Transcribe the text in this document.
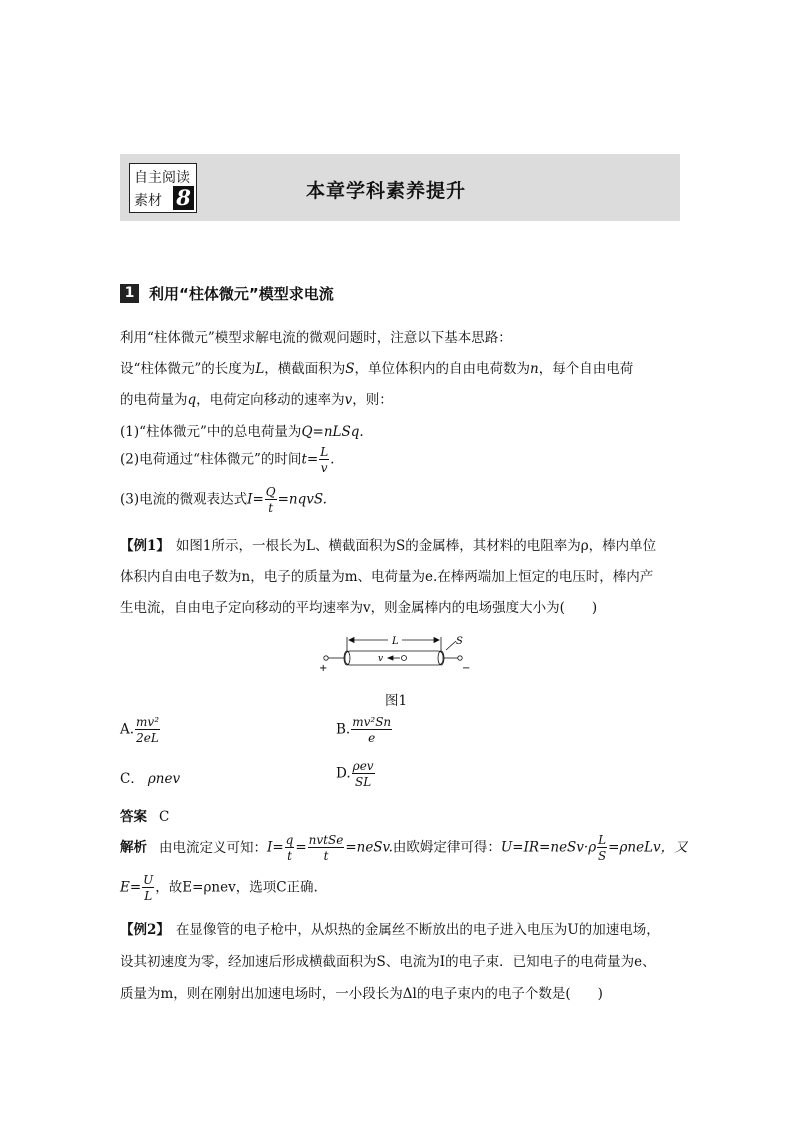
自主阅读
素材 8	本章学科素养提升
1 利用“柱体微元”模型求电流
利用“柱体微元”模型求解电流的微观问题时，注意以下基本思路：
设“柱体微元”的长度为L，横截面积为S，单位体积内的自由电荷数为n，每个自由电荷
的电荷量为q，电荷定向移动的速率为v，则：
(1)“柱体微元”中的总电荷量为Q=nLSq.
(2)电荷通过“柱体微元”的时间$t= \frac{L}{v}$ .
(3)电流的微观表达式$I= \frac{Q}{t}$ =nqvS.
【例1】 如图1所示，一根长为L、横截面积为S的金属棒，其材料的电阻率为ρ，棒内单位
体积内自由电子数为n，电子的质量为m、电荷量为e.在棒两端加上恒定的电压时，棒内产
生电流，自由电子定向移动的平均速率为v，则金属棒内的电场强度大小为(　　)
L	S
v
+	−
图1
A. $\frac{\text{mv²}}{2eL}$	B. $\frac{\text{mv²Sn}}{e}$
C． ρnev	D. $\frac{\text{ρev}}{SL}$
答案 C
解析 由电流定义可知：$I= \frac{q}{t} = \frac{\text{nvtSe}}{t}$ =neSv.由欧姆定律可得：U=IR=neSv·ρ $\frac{L}{S}$ =ρneLv，又
$E= \frac{U}{L}$ ，故E=ρnev，选项C正确.
【例2】 在显像管的电子枪中，从炽热的金属丝不断放出的电子进入电压为U的加速电场，
设其初速度为零，经加速后形成横截面积为S、电流为I的电子束．已知电子的电荷量为e、
质量为m，则在刚射出加速电场时，一小段长为Δl的电子束内的电子个数是(　　)
